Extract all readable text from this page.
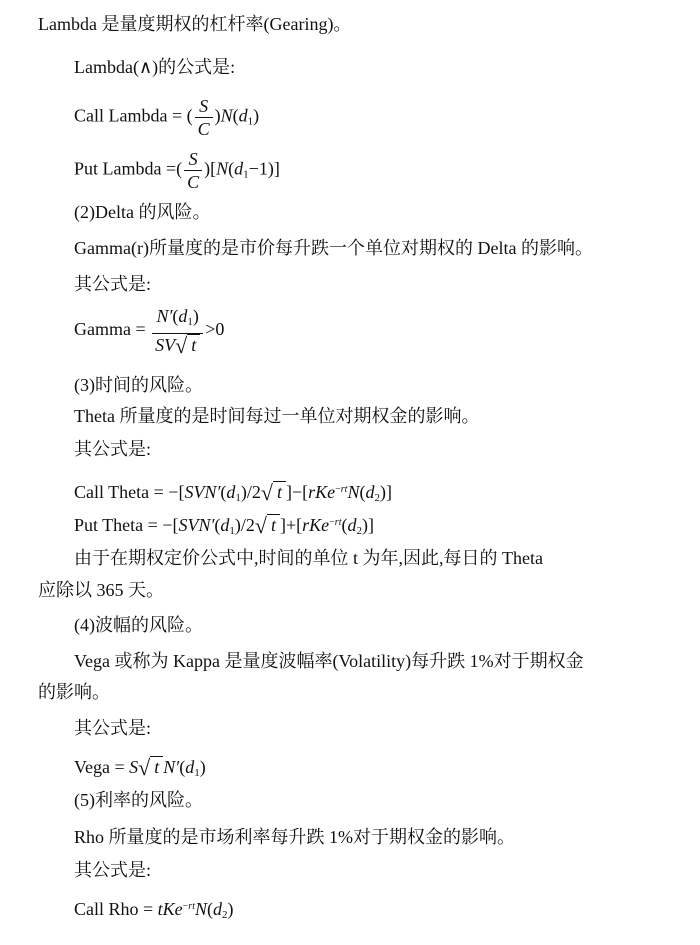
Lambda 是量度期权的杠杆率(Gearing)。
Lambda(∧)的公式是:
Call Lambda = ( $\frac{S}{C} )N(d_1)$
Put Lambda =( $\frac{S}{C} )[N(d_1-1)]$
(2)Delta 的风险。
Gamma(r)所量度的是市价每升跌一个单位对期权的 Delta 的影响。
其公式是:
Gamma = $\frac{N'(d_1)}{SV√ t} >0$
(3)时间的风险。
Theta 所量度的是时间每过一单位对期权金的影响。
其公式是:
Call Theta = $-[SVN'(d_1)/2√$ t ]$-[rKe^{-rt}N(d_2)]$
Put Theta = $-[SVN'(d_1)/2√$ t ]$+[rKe^{-rt}(d_2)]$
由于在期权定价公式中,时间的单位 t 为年,因此,每日的 Theta
应除以 365 天。
(4)波幅的风险。
Vega 或称为 Kappa 是量度波幅率(Volatility)每升跌 1%对于期权金
的影响。
其公式是:
Vega = S√ t $N'(d_1)$
(5)利率的风险。
Rho 所量度的是市场利率每升跌 1%对于期权金的影响。
其公式是:
Call Rho = $tKe^{-rt}N(d_2)$
